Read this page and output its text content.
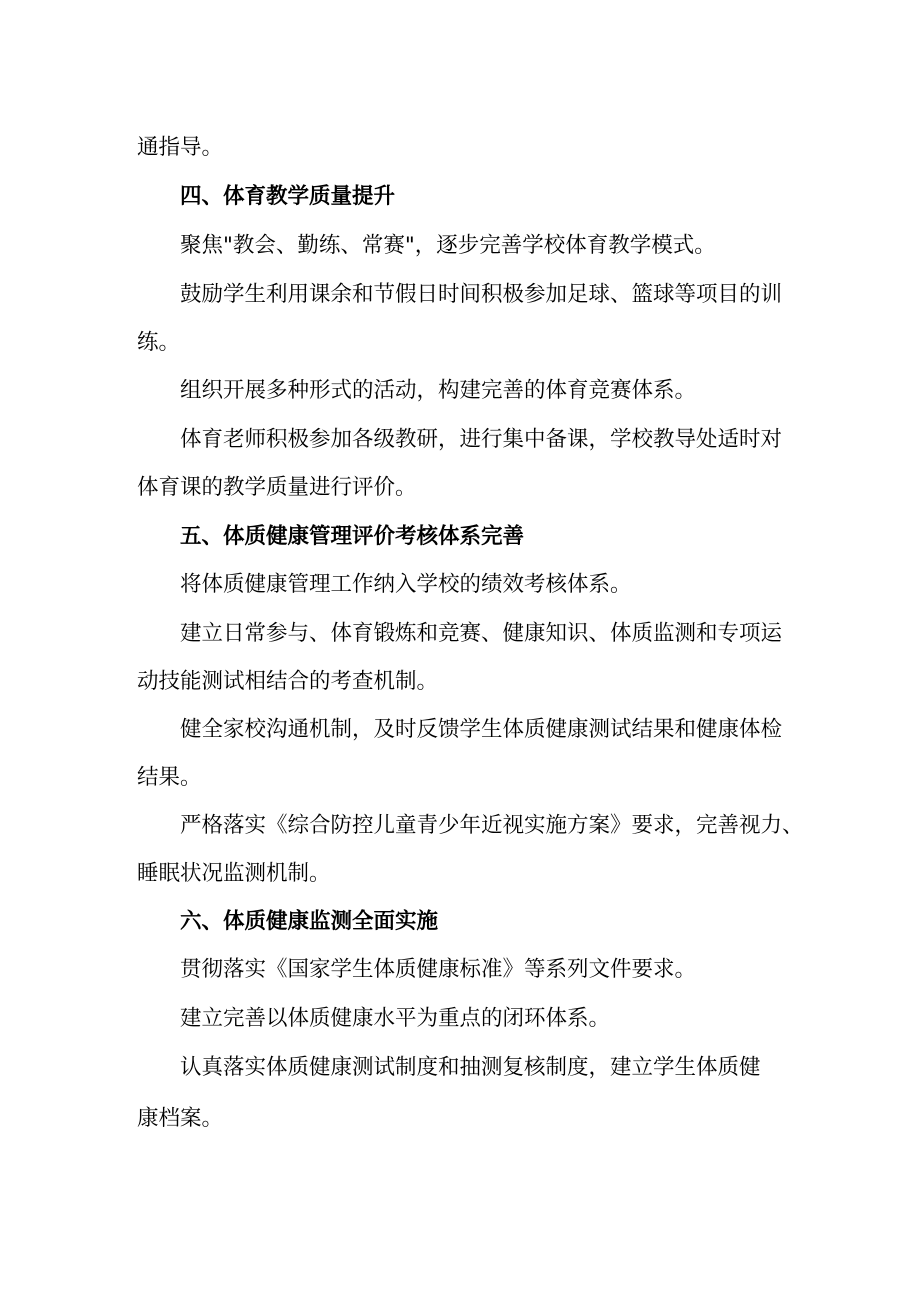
通指导。
四、体育教学质量提升
聚焦"教会、勤练、常赛"，逐步完善学校体育教学模式。
鼓励学生利用课余和节假日时间积极参加足球、篮球等项目的训
练。
组织开展多种形式的活动，构建完善的体育竞赛体系。
体育老师积极参加各级教研，进行集中备课，学校教导处适时对
体育课的教学质量进行评价。
五、体质健康管理评价考核体系完善
将体质健康管理工作纳入学校的绩效考核体系。
建立日常参与、体育锻炼和竞赛、健康知识、体质监测和专项运
动技能测试相结合的考查机制。
健全家校沟通机制，及时反馈学生体质健康测试结果和健康体检
结果。
严格落实《综合防控儿童青少年近视实施方案》要求，完善视力、
睡眠状况监测机制。
六、体质健康监测全面实施
贯彻落实《国家学生体质健康标准》等系列文件要求。
建立完善以体质健康水平为重点的闭环体系。
认真落实体质健康测试制度和抽测复核制度，建立学生体质健
康档案。
